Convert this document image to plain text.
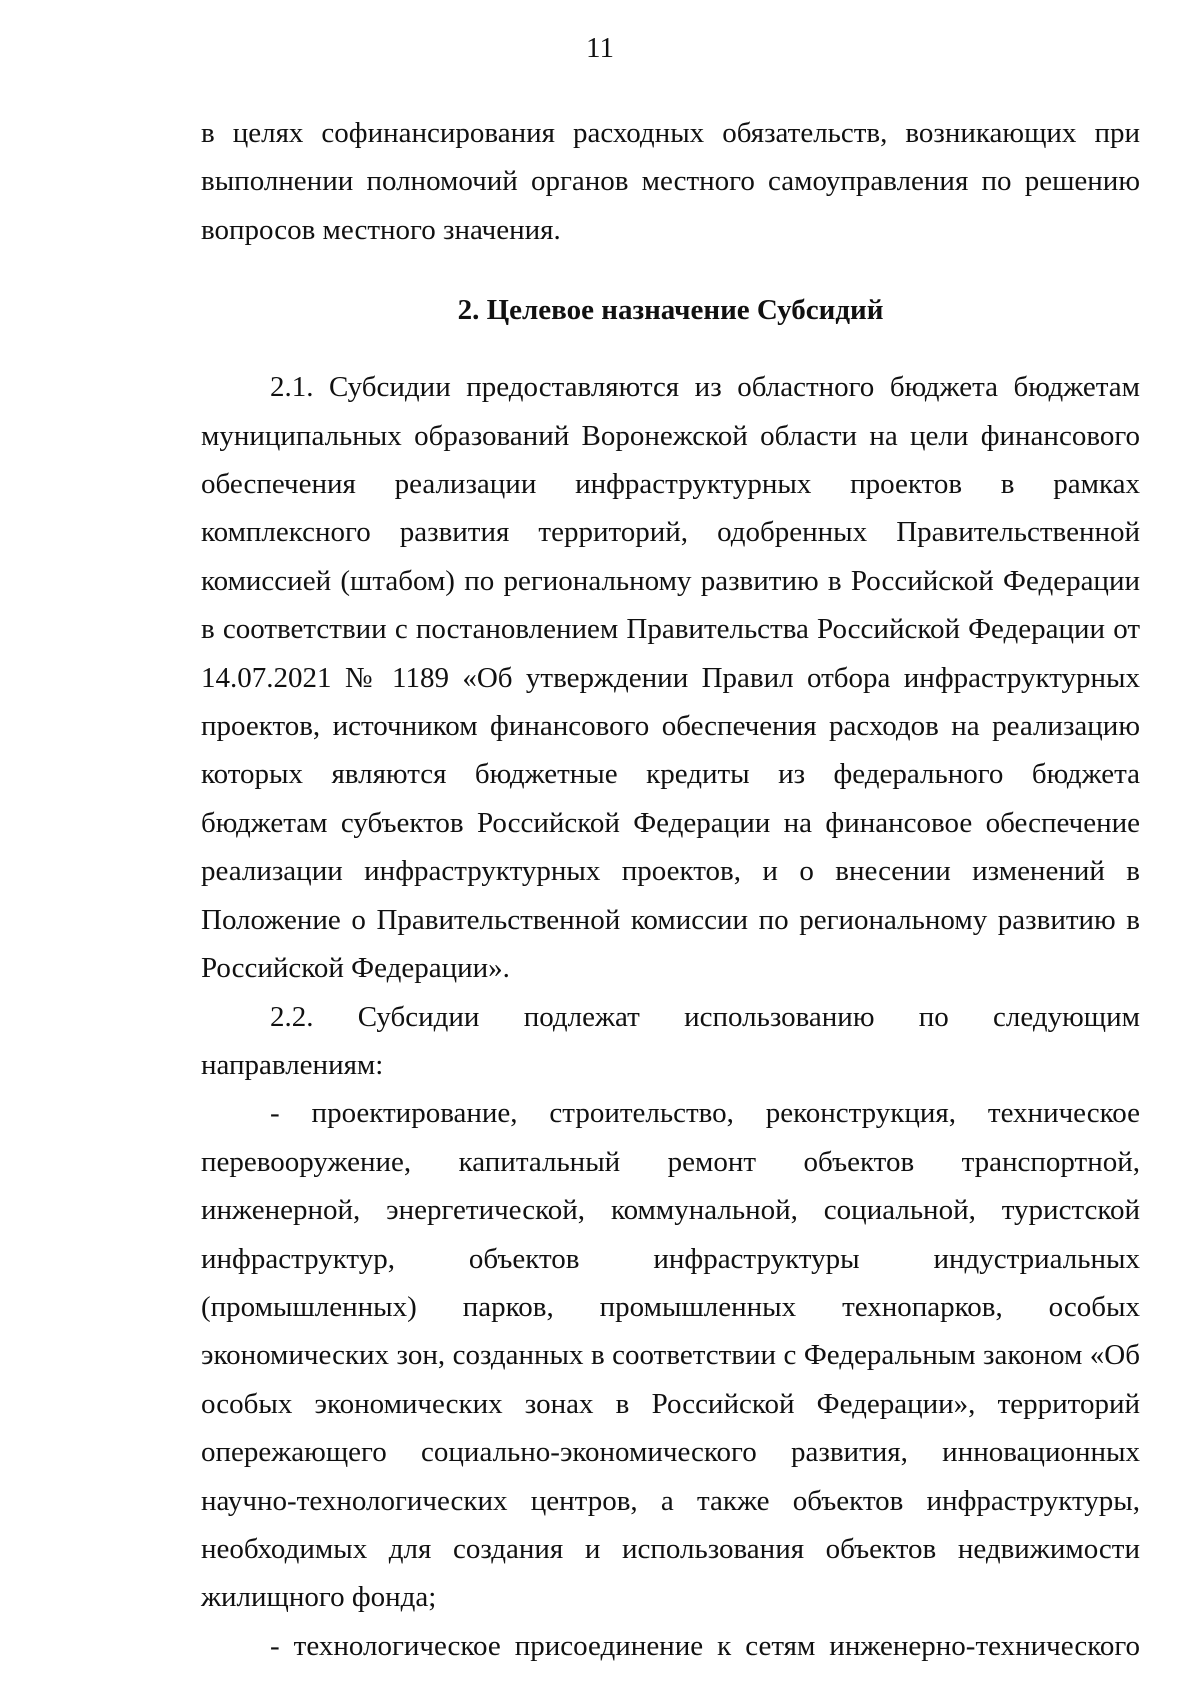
11

в целях софинансирования расходных обязательств, возникающих при выполнении полномочий органов местного самоуправления по решению вопросов местного значения.

2. Целевое назначение Субсидий

2.1. Субсидии предоставляются из областного бюджета бюджетам муниципальных образований Воронежской области на цели финансового обеспечения реализации инфраструктурных проектов в рамках комплексного развития территорий, одобренных Правительственной комиссией (штабом) по региональному развитию в Российской Федерации в соответствии с постановлением Правительства Российской Федерации от 14.07.2021 № 1189 «Об утверждении Правил отбора инфраструктурных проектов, источником финансового обеспечения расходов на реализацию которых являются бюджетные кредиты из федерального бюджета бюджетам субъектов Российской Федерации на финансовое обеспечение реализации инфраструктурных проектов, и о внесении изменений в Положение о Правительственной комиссии по региональному развитию в Российской Федерации».

2.2. Субсидии подлежат использованию по следующим направлениям:

- проектирование, строительство, реконструкция, техническое перевооружение, капитальный ремонт объектов транспортной, инженерной, энергетической, коммунальной, социальной, туристской инфраструктур, объектов инфраструктуры индустриальных (промышленных) парков, промышленных технопарков, особых экономических зон, созданных в соответствии с Федеральным законом «Об особых экономических зонах в Российской Федерации», территорий опережающего социально-экономического развития, инновационных научно-технологических центров, а также объектов инфраструктуры, необходимых для создания и использования объектов недвижимости жилищного фонда;

- технологическое присоединение к сетям инженерно-технического
